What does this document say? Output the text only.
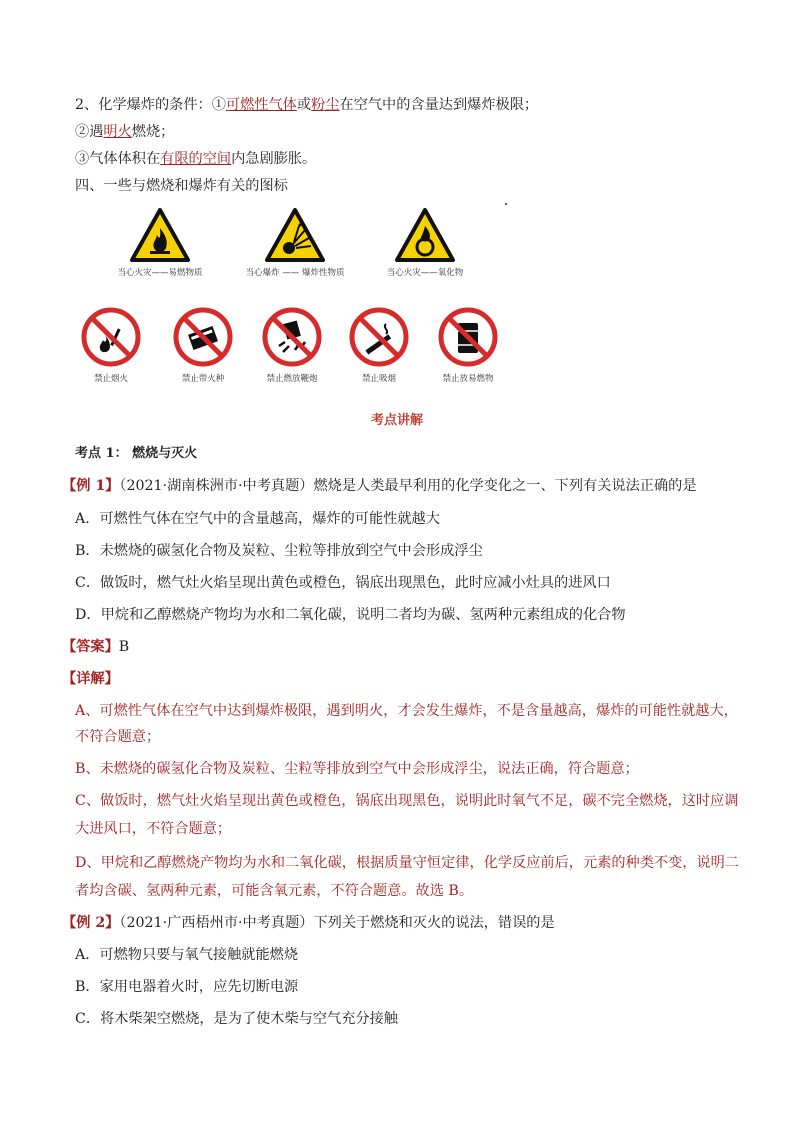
2、化学爆炸的条件：①可燃性气体或粉尘在空气中的含量达到爆炸极限；
②遇明火燃烧；
③气体体积在有限的空间内急剧膨胀。
四、一些与燃烧和爆炸有关的图标
当心火灾——易燃物质	当心爆炸 —— 爆炸性物质	当心火灾——氧化物
禁止烟火	禁止带火种	禁止燃放鞭炮	禁止吸烟	禁止放易燃物
考点讲解
考点 1： 燃烧与灭火
【例 1】（2021·湖南株洲市·中考真题）燃烧是人类最早利用的化学变化之一、下列有关说法正确的是
A．可燃性气体在空气中的含量越高，爆炸的可能性就越大
B．未燃烧的碳氢化合物及炭粒、尘粒等排放到空气中会形成浮尘
C．做饭时，燃气灶火焰呈现出黄色或橙色，锅底出现黑色，此时应减小灶具的进风口
D．甲烷和乙醇燃烧产物均为水和二氧化碳，说明二者均为碳、氢两种元素组成的化合物
【答案】B
【详解】
A、可燃性气体在空气中达到爆炸极限，遇到明火，才会发生爆炸，不是含量越高，爆炸的可能性就越大，
不符合题意；
B、未燃烧的碳氢化合物及炭粒、尘粒等排放到空气中会形成浮尘，说法正确，符合题意；
C、做饭时，燃气灶火焰呈现出黄色或橙色，锅底出现黑色，说明此时氧气不足，碳不完全燃烧，这时应调
大进风口，不符合题意；
D、甲烷和乙醇燃烧产物均为水和二氧化碳，根据质量守恒定律，化学反应前后，元素的种类不变，说明二
者均含碳、氢两种元素，可能含氧元素，不符合题意。故选 B。
【例 2】（2021·广西梧州市·中考真题）下列关于燃烧和灭火的说法，错误的是
A．可燃物只要与氧气接触就能燃烧
B．家用电器着火时，应先切断电源
C．将木柴架空燃烧，是为了使木柴与空气充分接触
